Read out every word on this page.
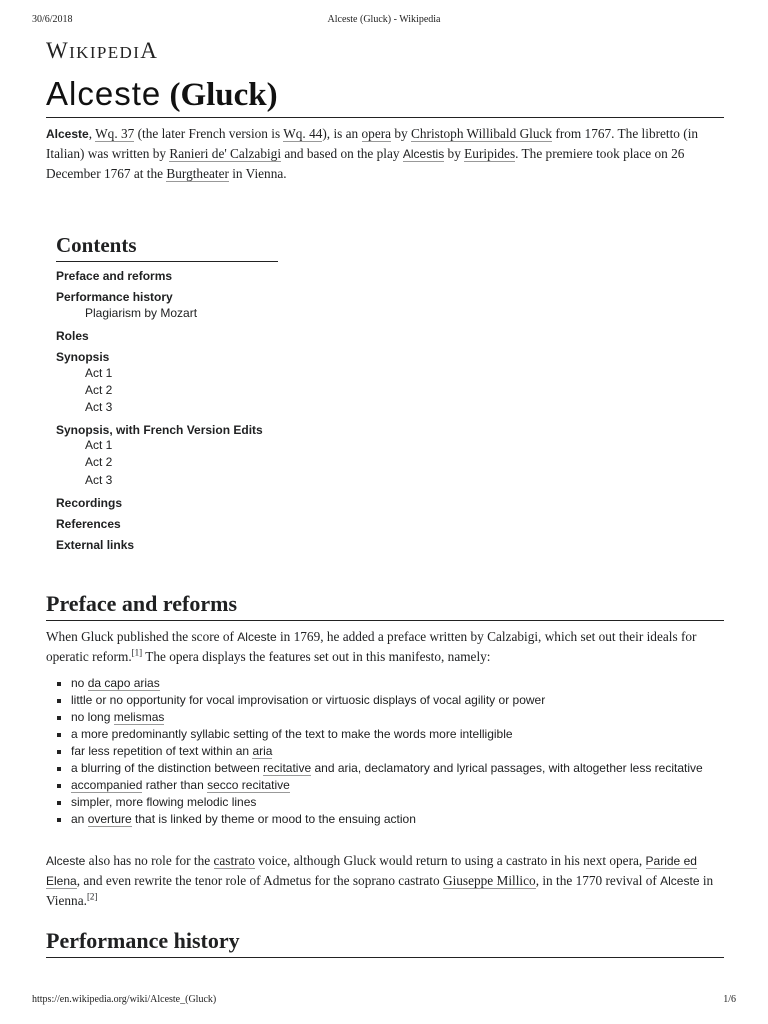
30/6/2018	Alceste (Gluck) - Wikipedia
WIKIPEDIA
Alceste (Gluck)

Alceste, Wq. 37 (the later French version is Wq. 44), is an opera by Christoph Willibald Gluck from 1767. The libretto (in Italian) was written by Ranieri de' Calzabigi and based on the play Alcestis by Euripides. The premiere took place on 26 December 1767 at the Burgtheater in Vienna.

Contents
Preface and reforms
Performance history
Plagiarism by Mozart
Roles
Synopsis
Act 1
Act 2
Act 3
Synopsis, with French Version Edits
Act 1
Act 2
Act 3
Recordings
References
External links
Preface and reforms

When Gluck published the score of Alceste in 1769, he added a preface written by Calzabigi, which set out their ideals for operatic reform.[1] The opera displays the features set out in this manifesto, namely:

no da capo arias
little or no opportunity for vocal improvisation or virtuosic displays of vocal agility or power
no long melismas
a more predominantly syllabic setting of the text to make the words more intelligible
far less repetition of text within an aria
a blurring of the distinction between recitative and aria, declamatory and lyrical passages, with altogether less recitative
accompanied rather than secco recitative
simpler, more flowing melodic lines
an overture that is linked by theme or mood to the ensuing action

Alceste also has no role for the castrato voice, although Gluck would return to using a castrato in his next opera, Paride ed Elena, and even rewrite the tenor role of Admetus for the soprano castrato Giuseppe Millico, in the 1770 revival of Alceste in Vienna.[2]

Performance history
https://en.wikipedia.org/wiki/Alceste_(Gluck)	1/6
